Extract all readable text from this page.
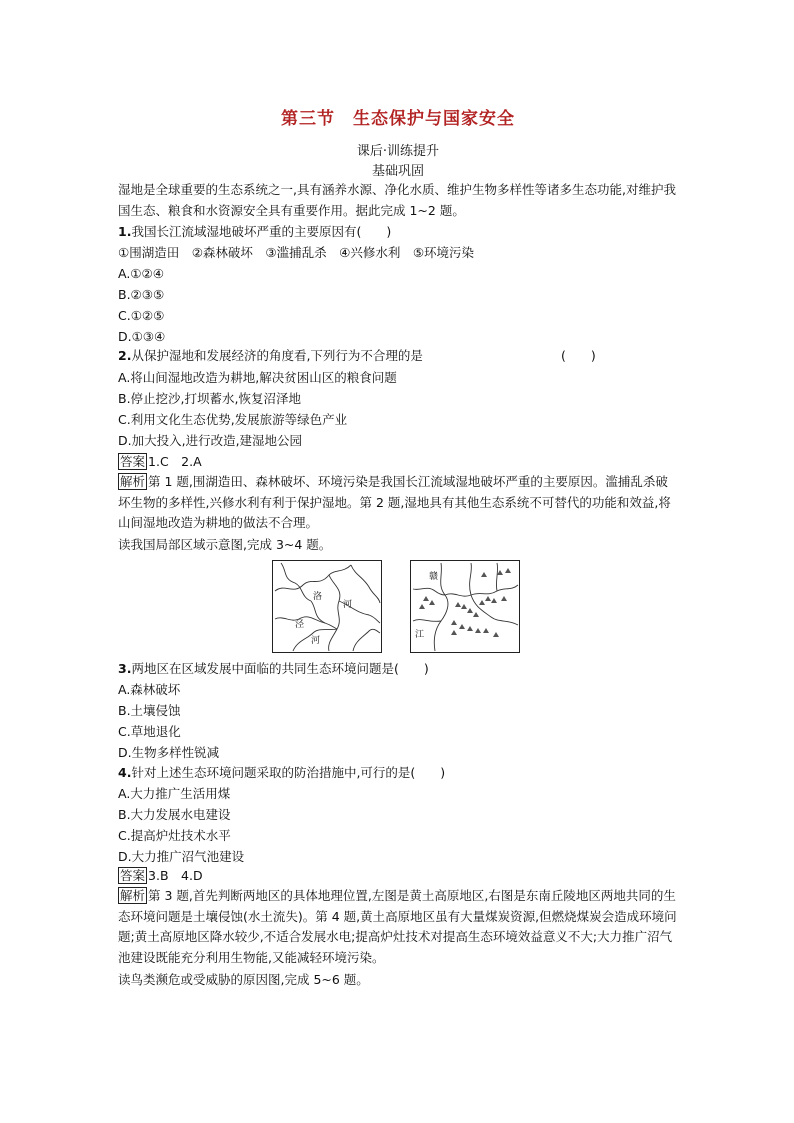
第三节　生态保护与国家安全
课后·训练提升
基础巩固
湿地是全球重要的生态系统之一,具有涵养水源、净化水质、维护生物多样性等诸多生态功能,对维护我国生态、粮食和水资源安全具有重要作用。据此完成 1~2 题。
1.我国长江流域湿地破坏严重的主要原因有(　　)
①围湖造田　②森林破坏　③滥捕乱杀　④兴修水利　⑤环境污染
A.①②④
B.②③⑤
C.①②⑤
D.①③④
2.从保护湿地和发展经济的角度看,下列行为不合理的是	(　　)
A.将山间湿地改造为耕地,解决贫困山区的粮食问题
B.停止挖沙,打坝蓄水,恢复沼泽地
C.利用文化生态优势,发展旅游等绿色产业
D.加大投入,进行改造,建湿地公园
答案 1.C　2.A
解析 第 1 题,围湖造田、森林破坏、环境污染是我国长江流域湿地破坏严重的主要原因。滥捕乱杀破坏生物的多样性,兴修水利有利于保护湿地。第 2 题,湿地具有其他生态系统不可替代的功能和效益,将山间湿地改造为耕地的做法不合理。
读我国局部区域示意图,完成 3~4 题。
洛
河
泾
河
赣
江
3.两地区在区域发展中面临的共同生态环境问题是(　　)
A.森林破坏
B.土壤侵蚀
C.草地退化
D.生物多样性锐减
4.针对上述生态环境问题采取的防治措施中,可行的是(　　)
A.大力推广生活用煤
B.大力发展水电建设
C.提高炉灶技术水平
D.大力推广沼气池建设
答案 3.B　4.D
解析 第 3 题,首先判断两地区的具体地理位置,左图是黄土高原地区,右图是东南丘陵地区两地共同的生态环境问题是土壤侵蚀(水土流失)。第 4 题,黄土高原地区虽有大量煤炭资源,但燃烧煤炭会造成环境问题;黄土高原地区降水较少,不适合发展水电;提高炉灶技术对提高生态环境效益意义不大;大力推广沼气池建设既能充分利用生物能,又能减轻环境污染。
读鸟类濒危或受威胁的原因图,完成 5~6 题。
